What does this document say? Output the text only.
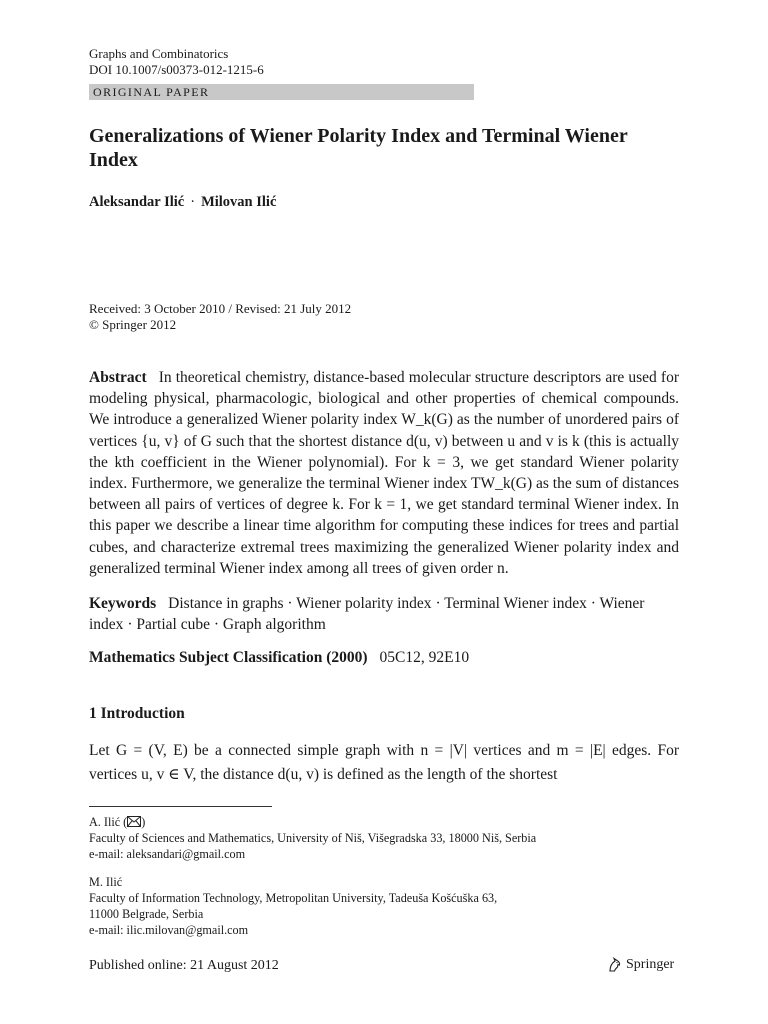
Graphs and Combinatorics
DOI 10.1007/s00373-012-1215-6
ORIGINAL PAPER
Generalizations of Wiener Polarity Index and Terminal Wiener Index
Aleksandar Ilić · Milovan Ilić
Received: 3 October 2010 / Revised: 21 July 2012
© Springer 2012
Abstract In theoretical chemistry, distance-based molecular structure descriptors are used for modeling physical, pharmacologic, biological and other properties of chemical compounds. We introduce a generalized Wiener polarity index W_k(G) as the number of unordered pairs of vertices {u, v} of G such that the shortest distance d(u, v) between u and v is k (this is actually the kth coefficient in the Wiener polynomial). For k = 3, we get standard Wiener polarity index. Furthermore, we generalize the terminal Wiener index TW_k(G) as the sum of distances between all pairs of vertices of degree k. For k = 1, we get standard terminal Wiener index. In this paper we describe a linear time algorithm for computing these indices for trees and partial cubes, and characterize extremal trees maximizing the generalized Wiener polarity index and generalized terminal Wiener index among all trees of given order n.
Keywords Distance in graphs · Wiener polarity index · Terminal Wiener index · Wiener index · Partial cube · Graph algorithm
Mathematics Subject Classification (2000) 05C12, 92E10
1 Introduction
Let G = (V, E) be a connected simple graph with n = |V| vertices and m = |E| edges. For vertices u, v ∈ V, the distance d(u, v) is defined as the length of the shortest
A. Ilić ( )
Faculty of Sciences and Mathematics, University of Niš, Višegradska 33, 18000 Niš, Serbia
e-mail: aleksandari@gmail.com
M. Ilić
Faculty of Information Technology, Metropolitan University, Tadeuša Košćuška 63,
11000 Belgrade, Serbia
e-mail: ilic.milovan@gmail.com
Published online: 21 August 2012	Springer
